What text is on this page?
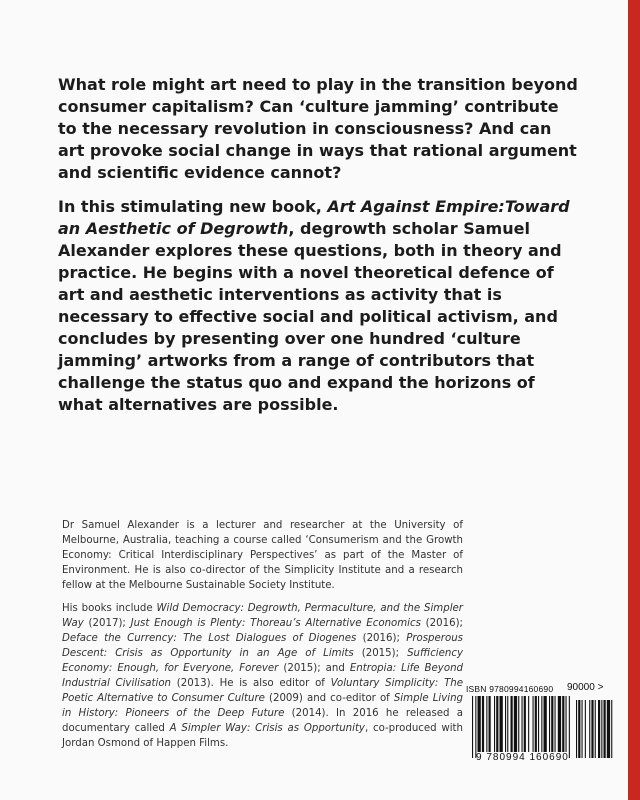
What role might art need to play in the transition beyond consumer capitalism? Can ‘culture jamming’ contribute to the necessary revolution in consciousness? And can art provoke social change in ways that rational argument and scientific evidence cannot?

In this stimulating new book, Art Against Empire:Toward an Aesthetic of Degrowth, degrowth scholar Samuel Alexander explores these questions, both in theory and practice. He begins with a novel theoretical defence of art and aesthetic interventions as activity that is necessary to effective social and political activism, and concludes by presenting over one hundred ‘culture jamming’ artworks from a range of contributors that challenge the status quo and expand the horizons of what alternatives are possible.

Dr Samuel Alexander is a lecturer and researcher at the University of Melbourne, Australia, teaching a course called ‘Consumerism and the Growth Economy: Critical Interdisciplinary Perspectives’ as part of the Master of Environment. He is also co-director of the Simplicity Institute and a research fellow at the Melbourne Sustainable Society Institute.

His books include Wild Democracy: Degrowth, Permaculture, and the Simpler Way (2017); Just Enough is Plenty: Thoreau’s Alternative Economics (2016); Deface the Currency: The Lost Dialogues of Diogenes (2016); Prosperous Descent: Crisis as Opportunity in an Age of Limits (2015); Sufficiency Economy: Enough, for Everyone, Forever (2015); and Entropia: Life Beyond Industrial Civilisation (2013). He is also editor of Voluntary Simplicity: The Poetic Alternative to Consumer Culture (2009) and co-editor of Simple Living in History: Pioneers of the Deep Future (2014). In 2016 he released a documentary called A Simpler Way: Crisis as Opportunity, co-produced with Jordan Osmond of Happen Films.

ISBN 9780994160690 90000 >
9 780994 160690
